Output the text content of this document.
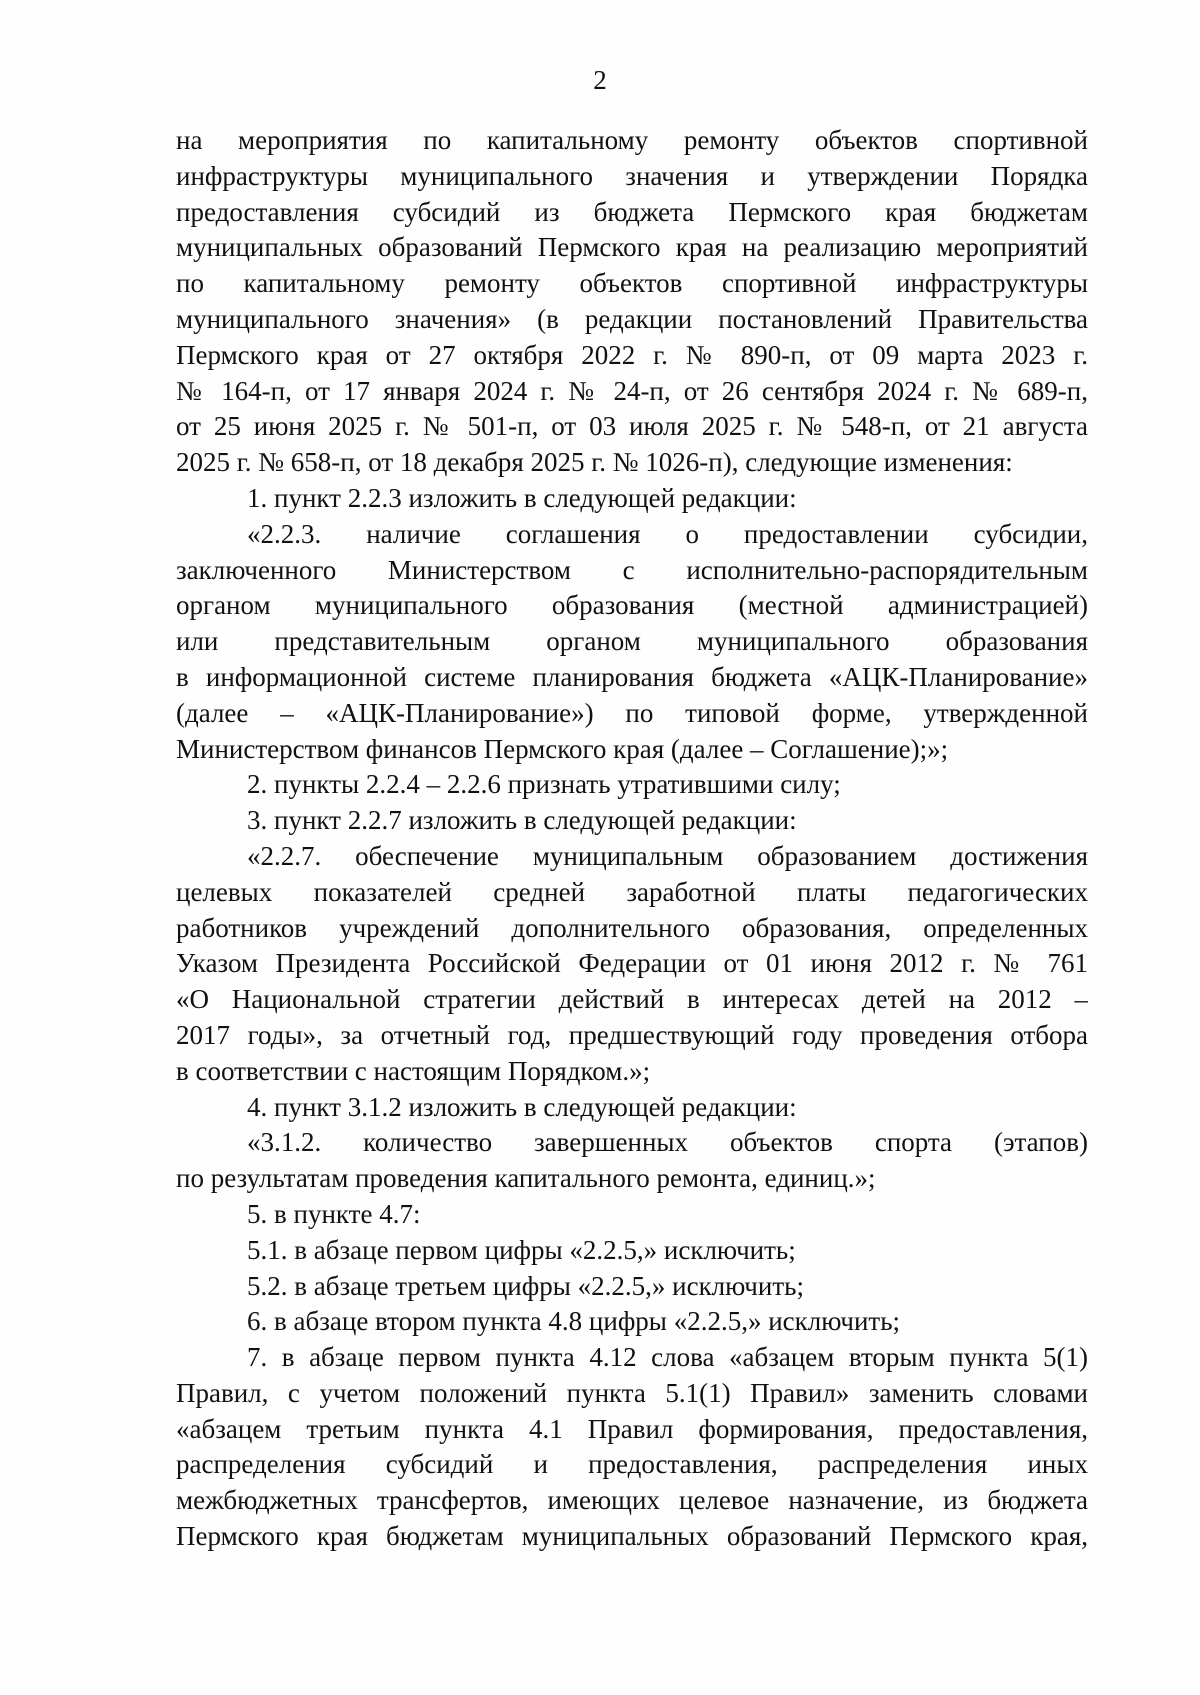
2
на мероприятия по капитальному ремонту объектов спортивной
инфраструктуры муниципального значения и утверждении Порядка
предоставления субсидий из бюджета Пермского края бюджетам
муниципальных образований Пермского края на реализацию мероприятий
по капитальному ремонту объектов спортивной инфраструктуры
муниципального значения» (в редакции постановлений Правительства
Пермского края от 27 октября 2022 г. № 890-п, от 09 марта 2023 г.
№ 164-п, от 17 января 2024 г. № 24-п, от 26 сентября 2024 г. № 689-п,
от 25 июня 2025 г. № 501-п, от 03 июля 2025 г. № 548-п, от 21 августа
2025 г. № 658-п, от 18 декабря 2025 г. № 1026-п), следующие изменения:
1. пункт 2.2.3 изложить в следующей редакции:
«2.2.3. наличие соглашения о предоставлении субсидии,
заключенного Министерством с исполнительно-распорядительным
органом муниципального образования (местной администрацией)
или представительным органом муниципального образования
в информационной системе планирования бюджета «АЦК-Планирование»
(далее – «АЦК-Планирование») по типовой форме, утвержденной
Министерством финансов Пермского края (далее – Соглашение);»;
2. пункты 2.2.4 – 2.2.6 признать утратившими силу;
3. пункт 2.2.7 изложить в следующей редакции:
«2.2.7. обеспечение муниципальным образованием достижения
целевых показателей средней заработной платы педагогических
работников учреждений дополнительного образования, определенных
Указом Президента Российской Федерации от 01 июня 2012 г. № 761
«О Национальной стратегии действий в интересах детей на 2012 –
2017 годы», за отчетный год, предшествующий году проведения отбора
в соответствии с настоящим Порядком.»;
4. пункт 3.1.2 изложить в следующей редакции:
«3.1.2. количество завершенных объектов спорта (этапов)
по результатам проведения капитального ремонта, единиц.»;
5. в пункте 4.7:
5.1. в абзаце первом цифры «2.2.5,» исключить;
5.2. в абзаце третьем цифры «2.2.5,» исключить;
6. в абзаце втором пункта 4.8 цифры «2.2.5,» исключить;
7. в абзаце первом пункта 4.12 слова «абзацем вторым пункта 5(1)
Правил, с учетом положений пункта 5.1(1) Правил» заменить словами
«абзацем третьим пункта 4.1 Правил формирования, предоставления,
распределения субсидий и предоставления, распределения иных
межбюджетных трансфертов, имеющих целевое назначение, из бюджета
Пермского края бюджетам муниципальных образований Пермского края,
